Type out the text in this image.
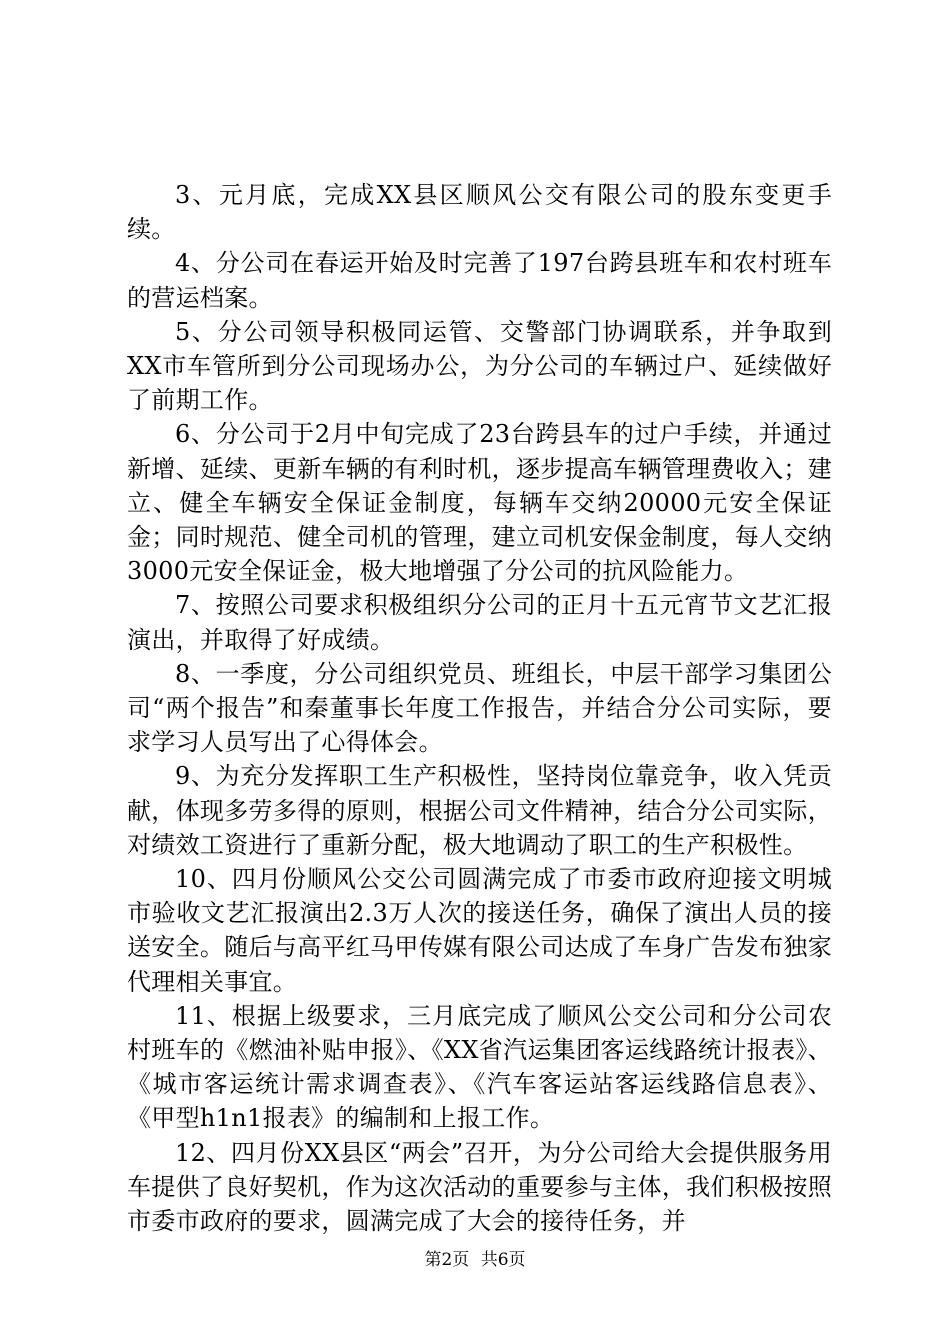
3、元月底，完成XX县区顺风公交有限公司的股东变更手续。

4、分公司在春运开始及时完善了197台跨县班车和农村班车的营运档案。

5、分公司领导积极同运管、交警部门协调联系，并争取到XX市车管所到分公司现场办公，为分公司的车辆过户、延续做好了前期工作。

6、分公司于2月中旬完成了23台跨县车的过户手续，并通过新增、延续、更新车辆的有利时机，逐步提高车辆管理费收入；建立、健全车辆安全保证金制度，每辆车交纳20000元安全保证金；同时规范、健全司机的管理，建立司机安保金制度，每人交纳3000元安全保证金，极大地增强了分公司的抗风险能力。

7、按照公司要求积极组织分公司的正月十五元宵节文艺汇报演出，并取得了好成绩。

8、一季度，分公司组织党员、班组长，中层干部学习集团公司“两个报告”和秦董事长年度工作报告，并结合分公司实际，要求学习人员写出了心得体会。

9、为充分发挥职工生产积极性，坚持岗位靠竞争，收入凭贡献，体现多劳多得的原则，根据公司文件精神，结合分公司实际，对绩效工资进行了重新分配，极大地调动了职工的生产积极性。

10、四月份顺风公交公司圆满完成了市委市政府迎接文明城市验收文艺汇报演出2.3万人次的接送任务，确保了演出人员的接送安全。随后与高平红马甲传媒有限公司达成了车身广告发布独家代理相关事宜。

11、根据上级要求，三月底完成了顺风公交公司和分公司农村班车的《燃油补贴申报》、《XX省汽运集团客运线路统计报表》、《城市客运统计需求调查表》、《汽车客运站客运线路信息表》、《甲型h1n1报表》的编制和上报工作。

12、四月份XX县区“两会”召开，为分公司给大会提供服务用车提供了良好契机，作为这次活动的重要参与主体，我们积极按照市委市政府的要求，圆满完成了大会的接待任务，并

第2页 共6页
